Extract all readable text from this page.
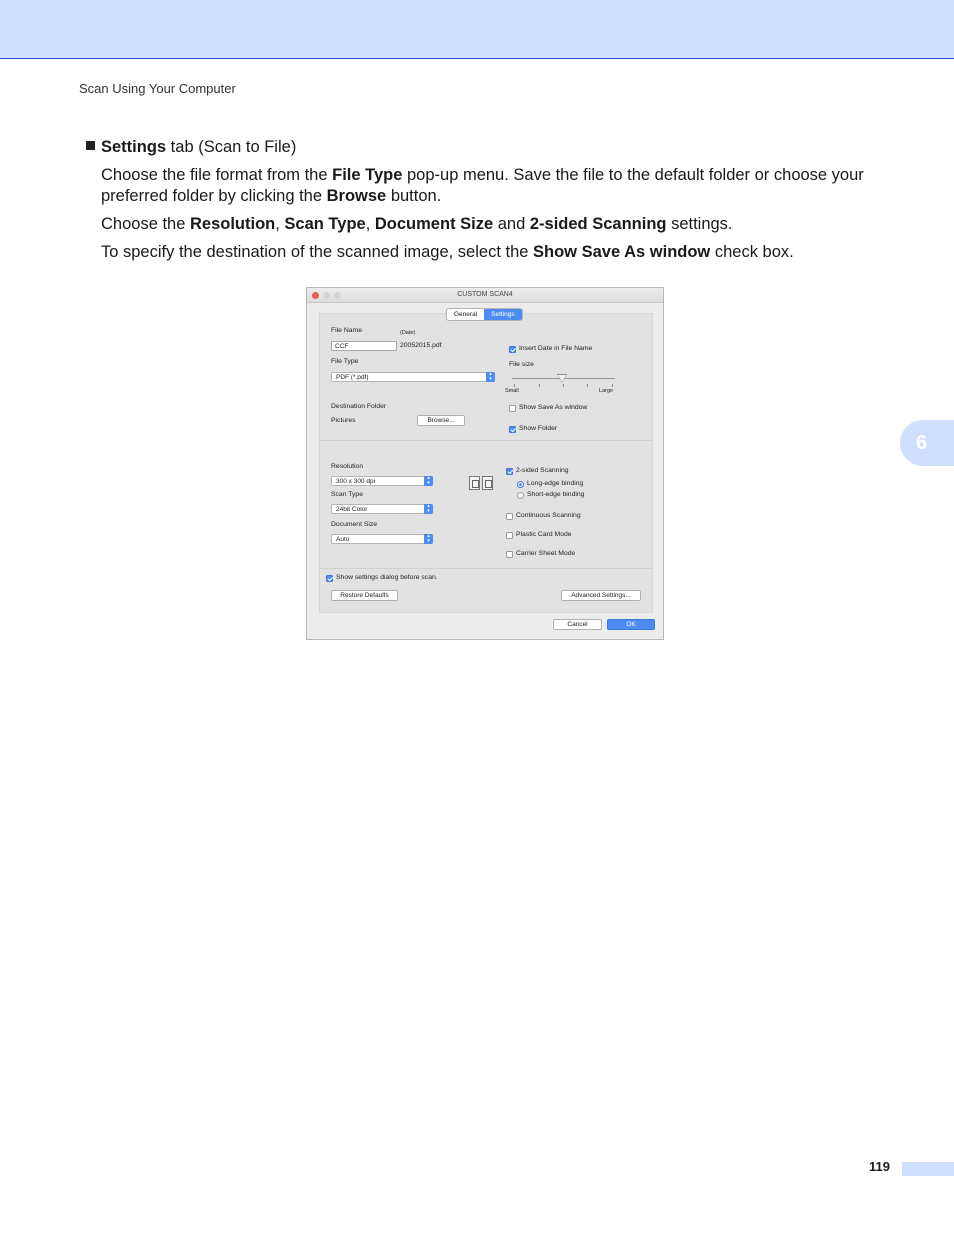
Scan Using Your Computer
6
Settings tab (Scan to File)
Choose the file format from the File Type pop-up menu. Save the file to the default folder or choose your
preferred folder by clicking the Browse button.
Choose the Resolution, Scan Type, Document Size and 2-sided Scanning settings.
To specify the destination of the scanned image, select the Show Save As window check box.
CUSTOM SCAN4
General	Settings
File Name	(Date)
CCF	20052015.pdf	Insert Date in File Name
File Type
PDF (*.pdf)	▴
▾
File size
Small	Large
Destination Folder
Pictures	Browse...
Show Save As window
Show Folder
Resolution
300 x 300 dpi	▴
▾
Scan Type
24bit Color	▴
▾
Document Size
Auto	▴
▾
2-sided Scanning
Long-edge binding
Short-edge binding
Continuous Scanning
Plastic Card Mode
Carrier Sheet Mode
Show settings dialog before scan.
Restore Defaults	Advanced Settings...
Cancel	OK
119
